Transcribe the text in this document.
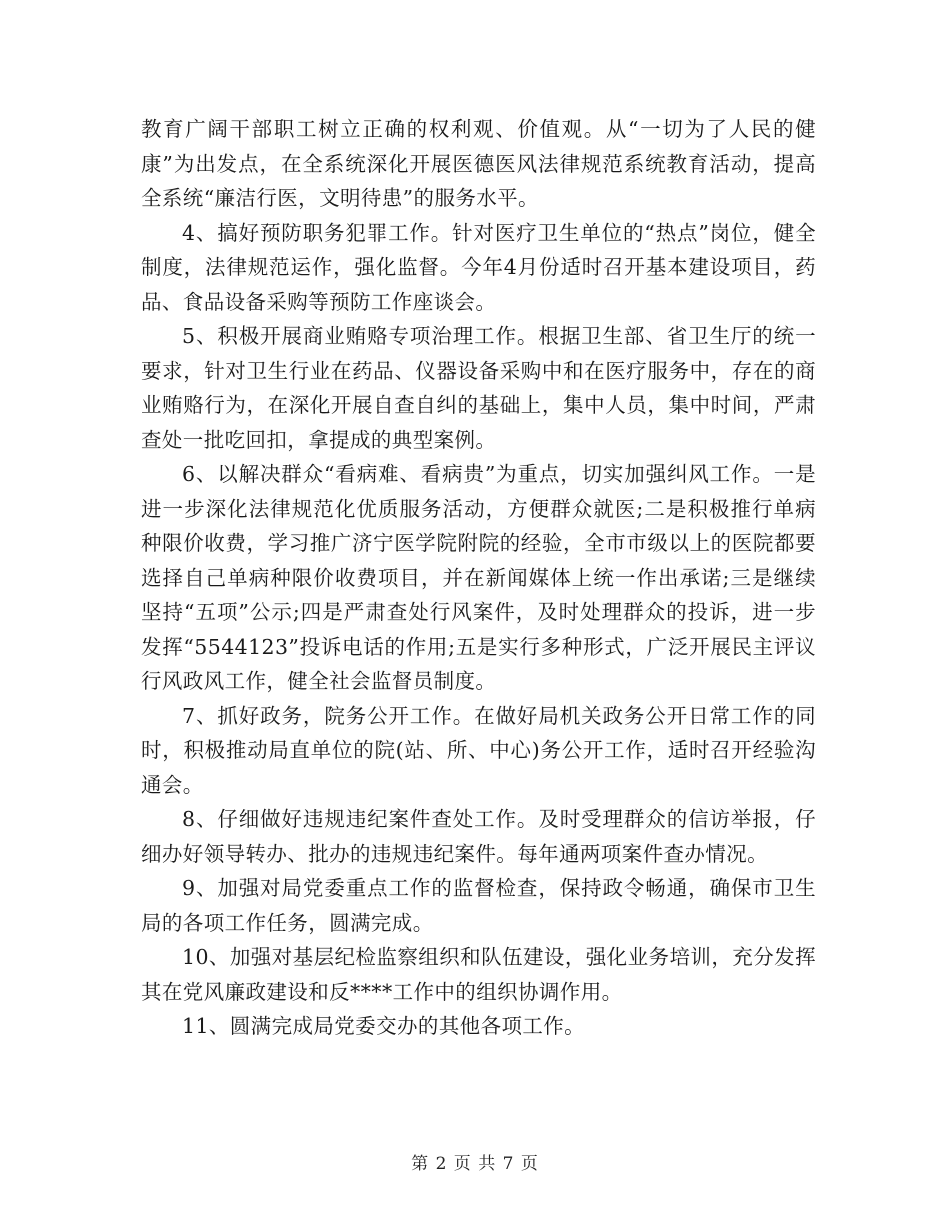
教育广阔干部职工树立正确的权利观、价值观。从“一切为了人民的健康”为出发点，在全系统深化开展医德医风法律规范系统教育活动，提高全系统“廉洁行医，文明待患”的服务水平。

4、搞好预防职务犯罪工作。针对医疗卫生单位的“热点”岗位，健全制度，法律规范运作，强化监督。今年4月份适时召开基本建设项目，药品、食品设备采购等预防工作座谈会。

5、积极开展商业贿赂专项治理工作。根据卫生部、省卫生厅的统一要求，针对卫生行业在药品、仪器设备采购中和在医疗服务中，存在的商业贿赂行为，在深化开展自查自纠的基础上，集中人员，集中时间，严肃查处一批吃回扣，拿提成的典型案例。

6、以解决群众“看病难、看病贵”为重点，切实加强纠风工作。一是进一步深化法律规范化优质服务活动，方便群众就医;二是积极推行单病种限价收费，学习推广济宁医学院附院的经验，全市市级以上的医院都要选择自己单病种限价收费项目，并在新闻媒体上统一作出承诺;三是继续坚持“五项”公示;四是严肃查处行风案件，及时处理群众的投诉，进一步发挥“5544123”投诉电话的作用;五是实行多种形式，广泛开展民主评议行风政风工作，健全社会监督员制度。

7、抓好政务，院务公开工作。在做好局机关政务公开日常工作的同时，积极推动局直单位的院(站、所、中心)务公开工作，适时召开经验沟通会。

8、仔细做好违规违纪案件查处工作。及时受理群众的信访举报，仔细办好领导转办、批办的违规违纪案件。每年通两项案件查办情况。

9、加强对局党委重点工作的监督检查，保持政令畅通，确保市卫生局的各项工作任务，圆满完成。

10、加强对基层纪检监察组织和队伍建设，强化业务培训，充分发挥其在党风廉政建设和反****工作中的组织协调作用。

11、圆满完成局党委交办的其他各项工作。

第 2 页 共 7 页
